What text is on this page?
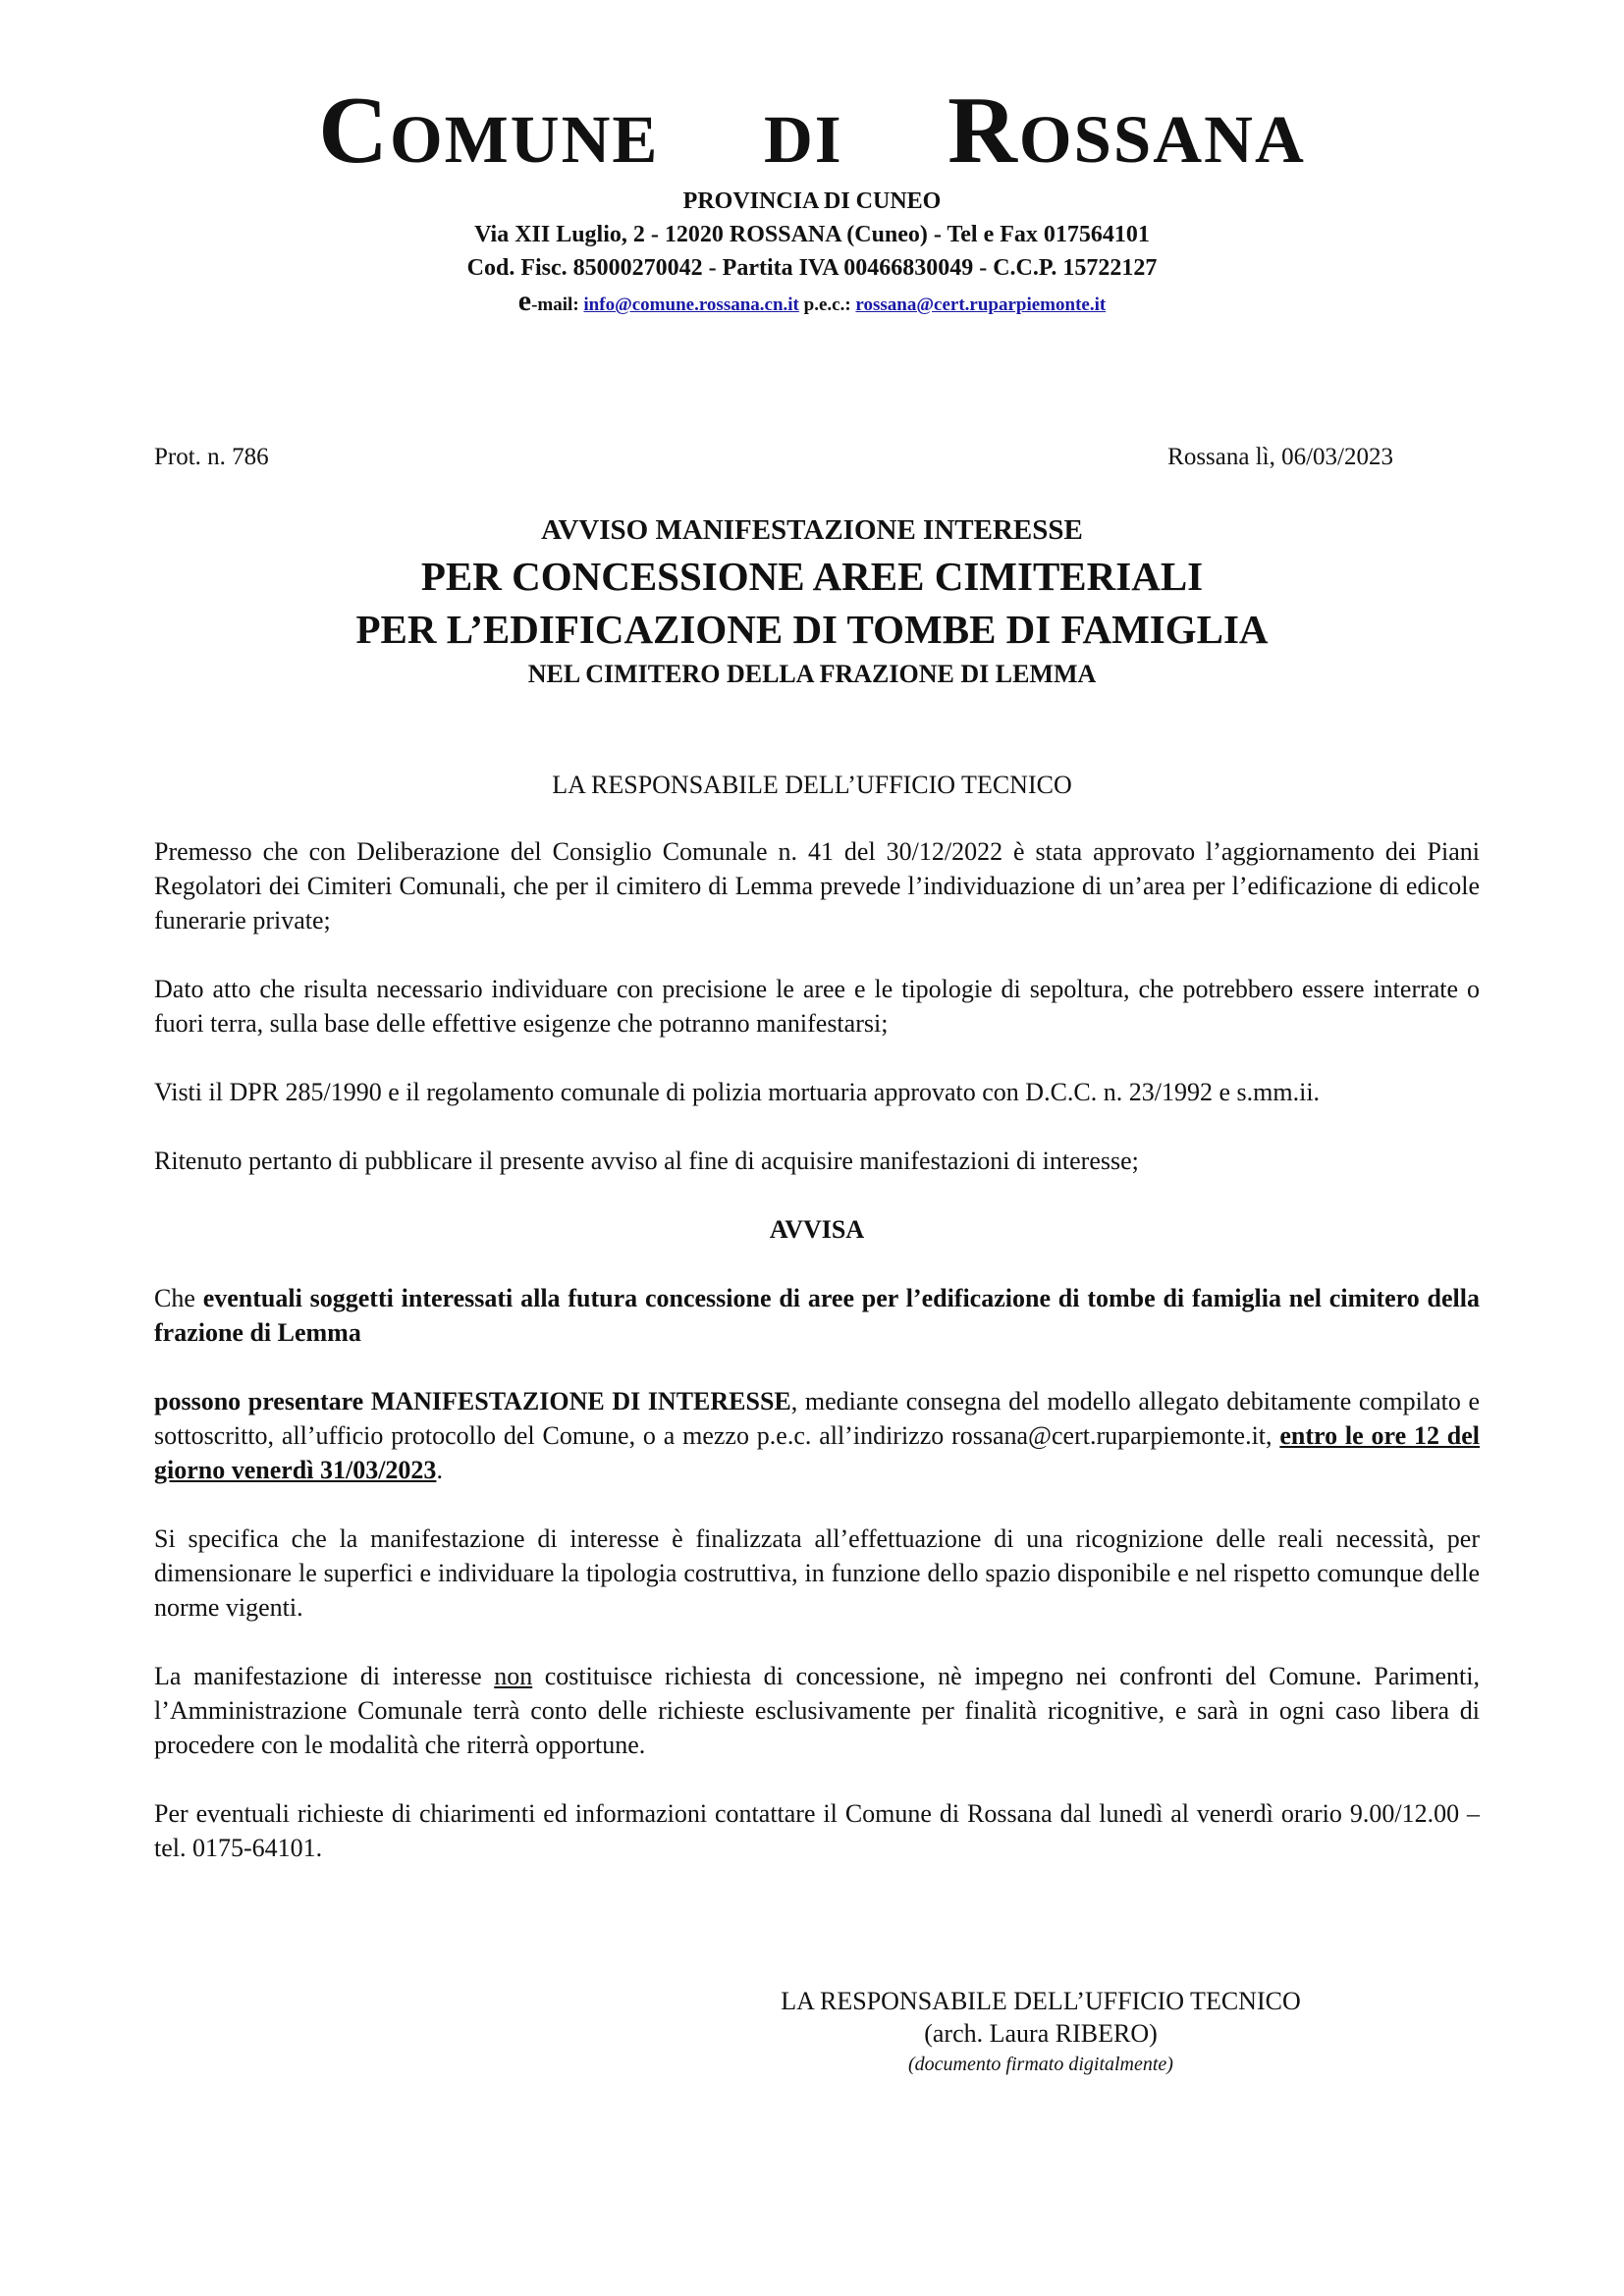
Comune di Rossana
PROVINCIA DI CUNEO
Via XII Luglio, 2 - 12020 ROSSANA (Cuneo) - Tel e Fax 017564101
Cod. Fisc. 85000270042 - Partita IVA 00466830049 - C.C.P. 15722127
e-mail: info@comune.rossana.cn.it p.e.c.: rossana@cert.ruparpiemonte.it
Prot. n. 786	Rossana lì, 06/03/2023
AVVISO MANIFESTAZIONE INTERESSE
PER CONCESSIONE AREE CIMITERIALI
PER L’EDIFICAZIONE DI TOMBE DI FAMIGLIA
NEL CIMITERO DELLA FRAZIONE DI LEMMA
LA RESPONSABILE DELL’UFFICIO TECNICO

Premesso che con Deliberazione del Consiglio Comunale n. 41 del 30/12/2022 è stata approvato l’aggiornamento dei Piani Regolatori dei Cimiteri Comunali, che per il cimitero di Lemma prevede l’individuazione di un’area per l’edificazione di edicole funerarie private;

Dato atto che risulta necessario individuare con precisione le aree e le tipologie di sepoltura, che potrebbero essere interrate o fuori terra, sulla base delle effettive esigenze che potranno manifestarsi;

Visti il DPR 285/1990 e il regolamento comunale di polizia mortuaria approvato con D.C.C. n. 23/1992 e s.mm.ii.

Ritenuto pertanto di pubblicare il presente avviso al fine di acquisire manifestazioni di interesse;

AVVISA

Che eventuali soggetti interessati alla futura concessione di aree per l’edificazione di tombe di famiglia nel cimitero della frazione di Lemma

possono presentare MANIFESTAZIONE DI INTERESSE, mediante consegna del modello allegato debitamente compilato e sottoscritto, all’ufficio protocollo del Comune, o a mezzo p.e.c. all’indirizzo rossana@cert.ruparpiemonte.it, entro le ore 12 del giorno venerdì 31/03/2023.

Si specifica che la manifestazione di interesse è finalizzata all’effettuazione di una ricognizione delle reali necessità, per dimensionare le superfici e individuare la tipologia costruttiva, in funzione dello spazio disponibile e nel rispetto comunque delle norme vigenti.

La manifestazione di interesse non costituisce richiesta di concessione, nè impegno nei confronti del Comune. Parimenti, l’Amministrazione Comunale terrà conto delle richieste esclusivamente per finalità ricognitive, e sarà in ogni caso libera di procedere con le modalità che riterrà opportune.

Per eventuali richieste di chiarimenti ed informazioni contattare il Comune di Rossana dal lunedì al venerdì orario 9.00/12.00 – tel. 0175-64101.

LA RESPONSABILE DELL’UFFICIO TECNICO
(arch. Laura RIBERO)
(documento firmato digitalmente)
